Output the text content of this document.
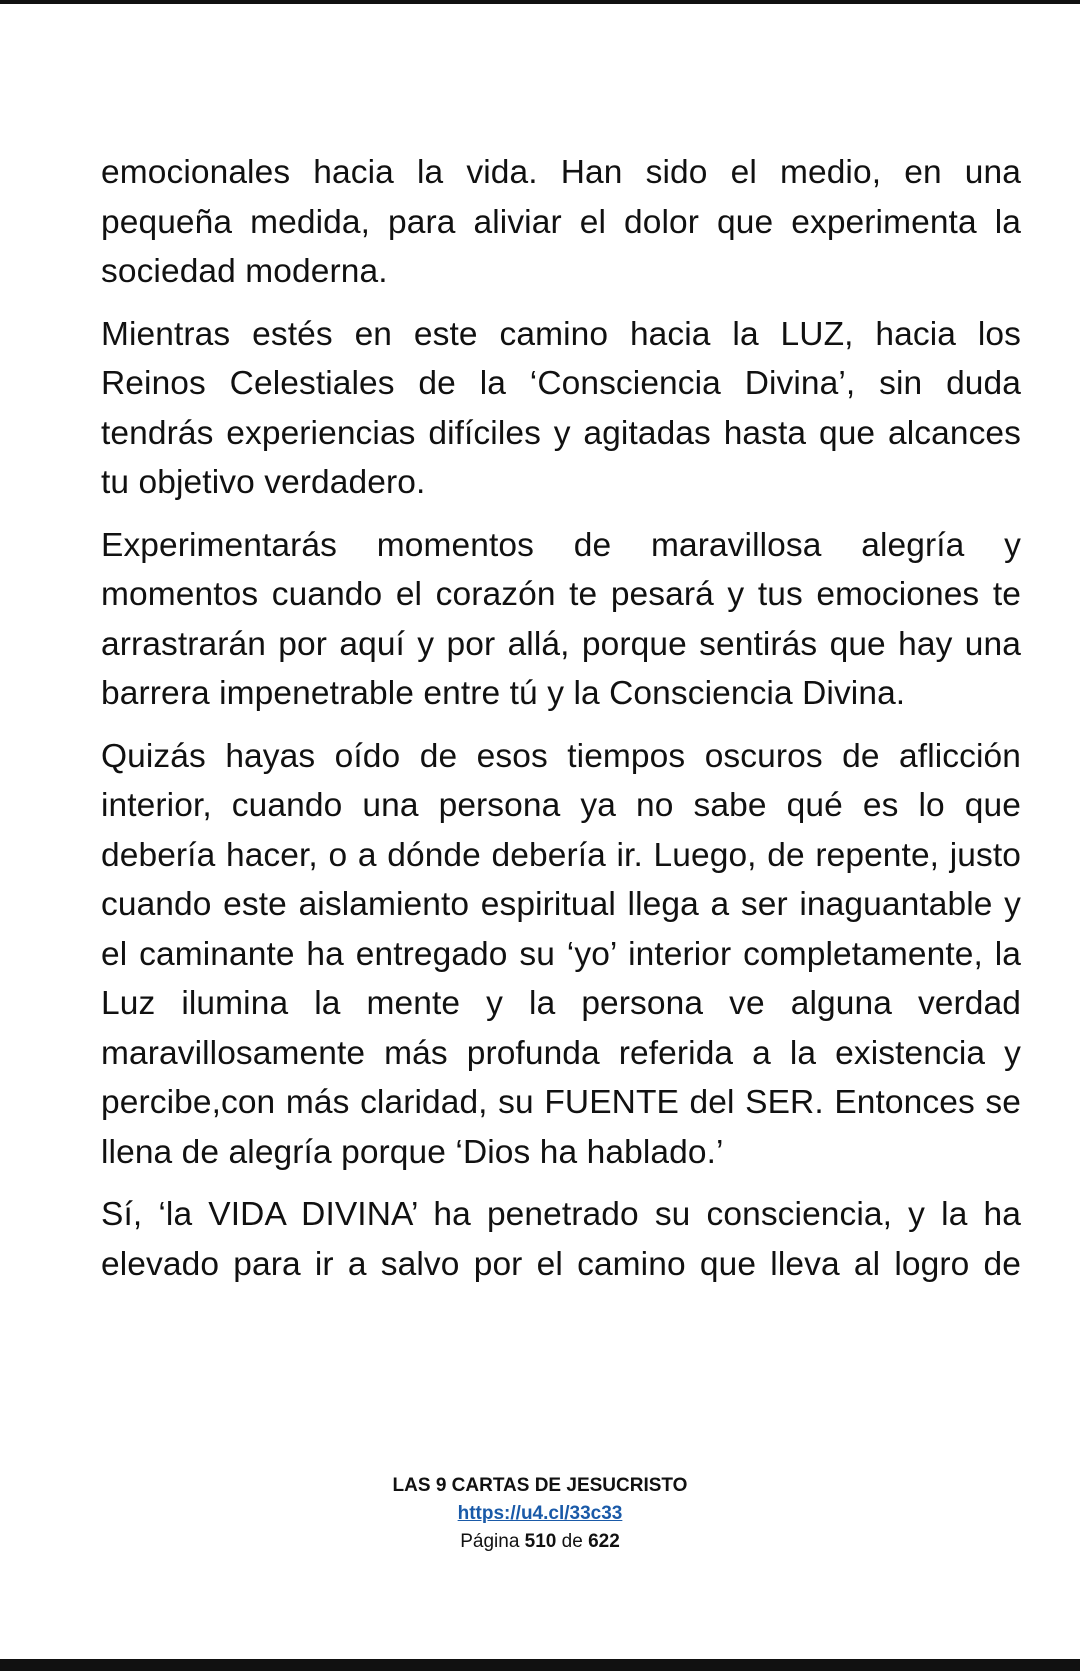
emocionales hacia la vida. Han sido el medio, en una pequeña medida, para aliviar el dolor que experimenta la sociedad moderna.

Mientras estés en este camino hacia la LUZ, hacia los Reinos Celestiales de la ‘Consciencia Divina’, sin duda tendrás experiencias difíciles y agitadas hasta que alcances tu objetivo verdadero.

Experimentarás momentos de maravillosa alegría y momentos cuando el corazón te pesará y tus emociones te arrastrarán por aquí y por allá, porque sentirás que hay una barrera impenetrable entre tú y la Consciencia Divina.

Quizás hayas oído de esos tiempos oscuros de aflicción interior, cuando una persona ya no sabe qué es lo que debería hacer, o a dónde debería ir. Luego, de repente, justo cuando este aislamiento espiritual llega a ser inaguantable y el caminante ha entregado su ‘yo’ interior completamente, la Luz ilumina la mente y la persona ve alguna verdad maravillosamente más profunda referida a la existencia y percibe,con más claridad, su FUENTE del SER. Entonces se llena de alegría porque ‘Dios ha hablado.’

Sí, ‘la VIDA DIVINA’ ha penetrado su consciencia, y la ha elevado para ir a salvo por el camino que lleva al logro de

LAS 9 CARTAS DE JESUCRISTO
https://u4.cl/33c33
Página 510 de 622
